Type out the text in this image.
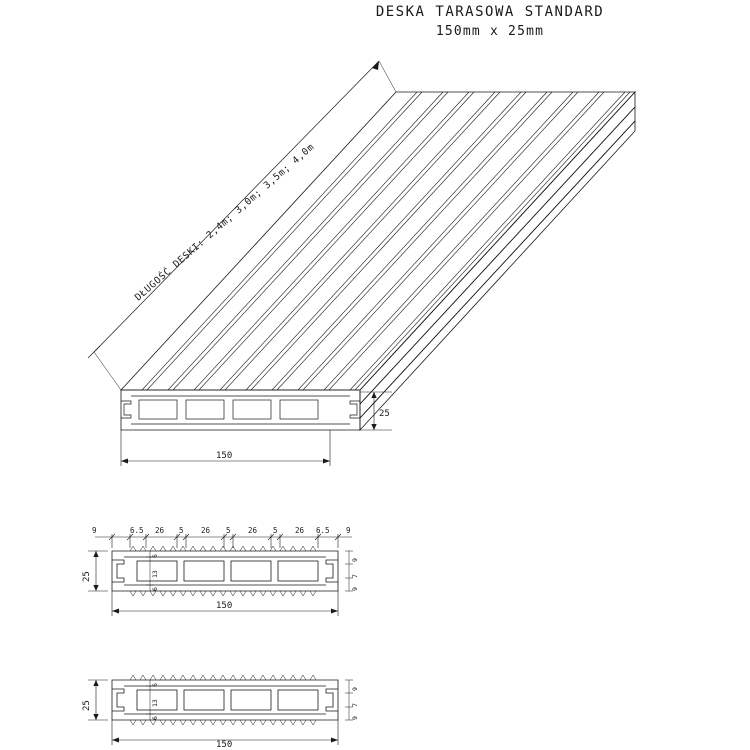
DESKA TARASOWA STANDARD
150mm x 25mm
DŁUGOŚĆ DESKI: 2,4m; 3,0m; 3,5m; 4,0m
25
150
9	6.5 26 5 26 5 26 5 26 6.5 9
25
150
6
13
6
9
7
9
25
150
6
13
6
9
7
9
